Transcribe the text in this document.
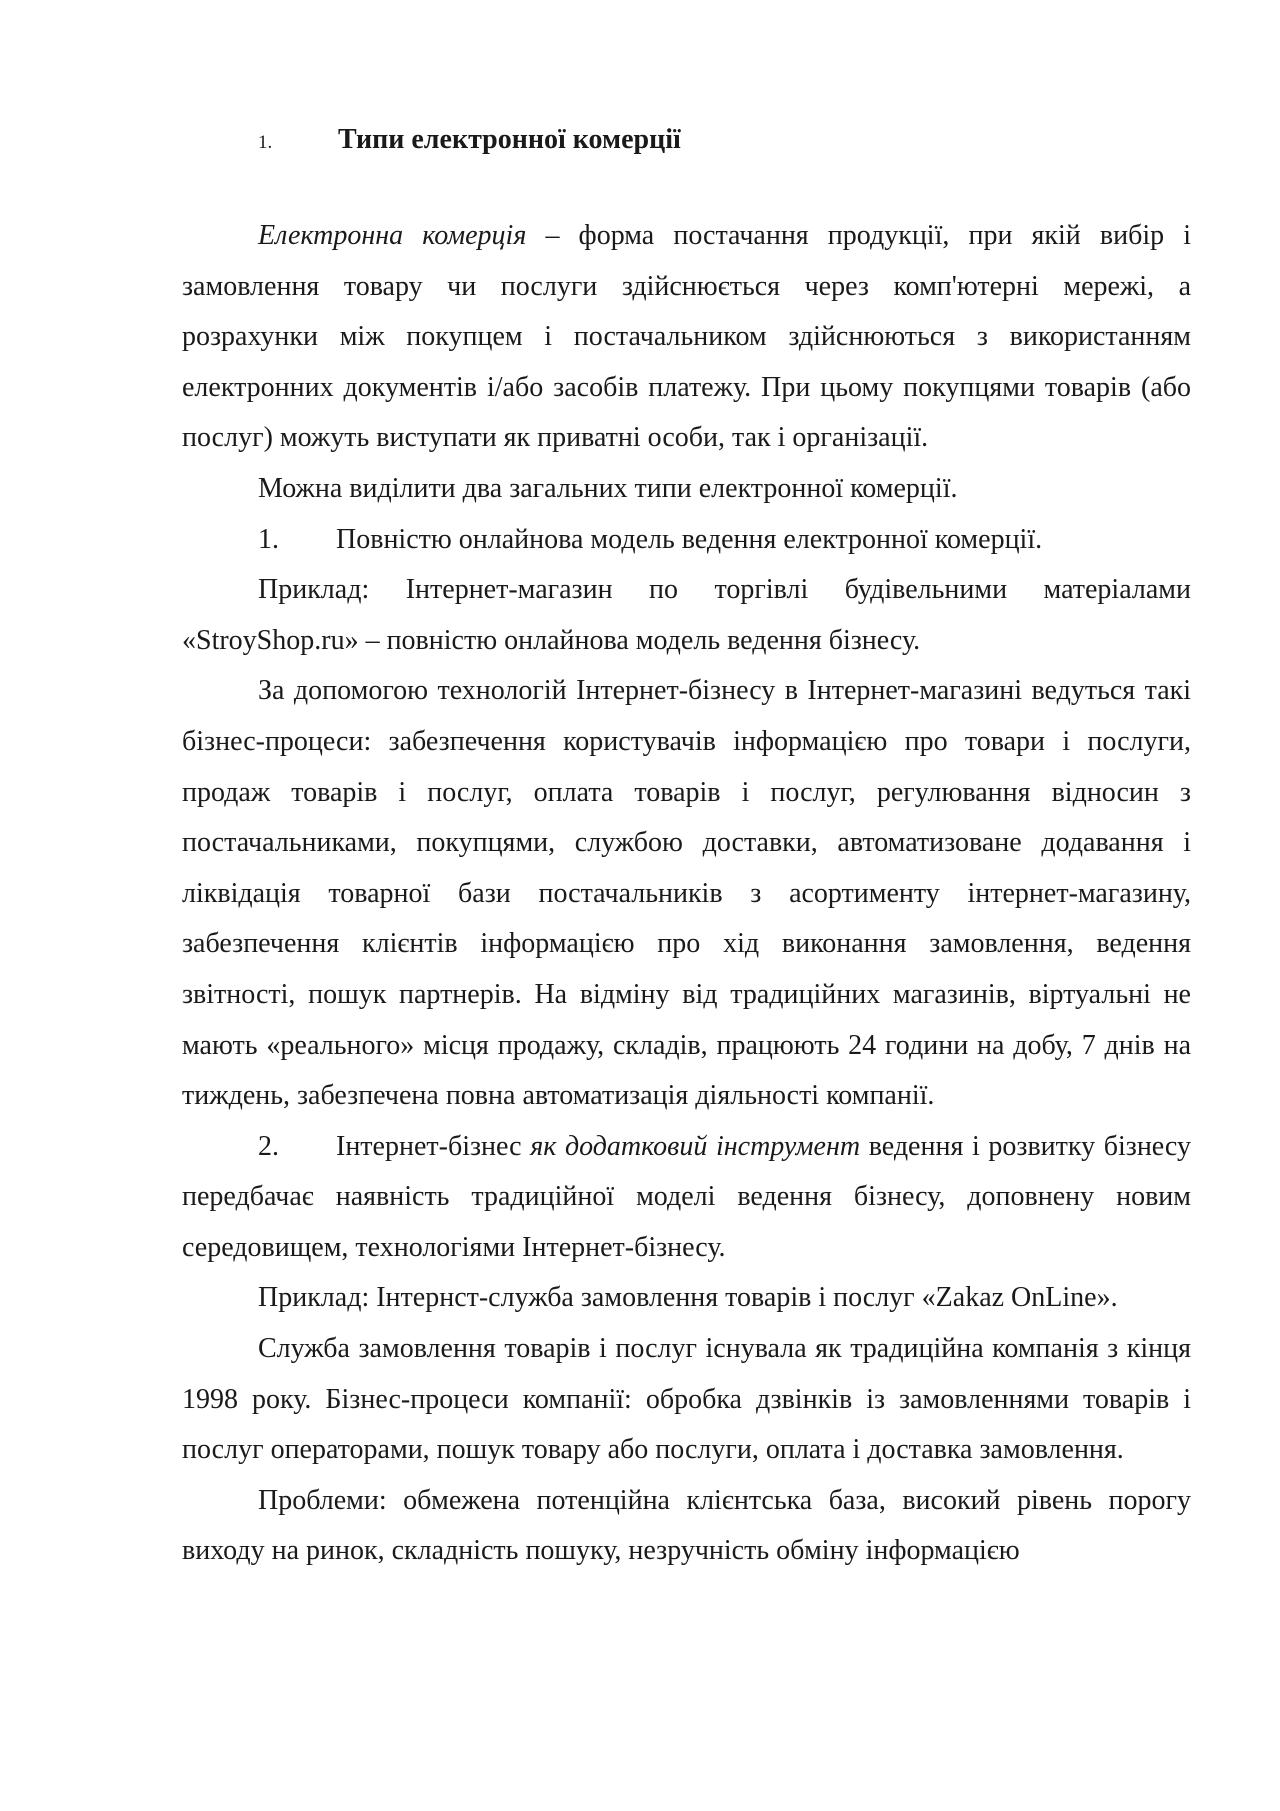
1.	Типи електронної комерції

Електронна комерція – форма постачання продукції, при якій вибір і замовлення товару чи послуги здійснюється через комп'ютерні мережі, а розрахунки між покупцем і постачальником здійснюються з використанням електронних документів і/або засобів платежу. При цьому покупцями товарів (або послуг) можуть виступати як приватні особи, так і організації.

Можна виділити два загальних типи електронної комерції.

1. Повністю онлайнова модель ведення електронної комерції.

Приклад: Інтернет-магазин по торгівлі будівельними матеріалами «StroyShop.ru» – повністю онлайнова модель ведення бізнесу.

За допомогою технологій Інтернет-бізнесу в Інтернет-магазині ведуться такі бізнес-процеси: забезпечення користувачів інформацією про товари і послуги, продаж товарів і послуг, оплата товарів і послуг, регулювання відносин з постачальниками, покупцями, службою доставки, автоматизоване додавання і ліквідація товарної бази постачальників з асортименту інтернет-магазину, забезпечення клієнтів інформацією про хід виконання замовлення, ведення звітності, пошук партнерів. На відміну від традиційних магазинів, віртуальні не мають «реального» місця продажу, складів, працюють 24 години на добу, 7 днів на тиждень, забезпечена повна автоматизація діяльності компанії.

2. Інтернет-бізнес як додатковий інструмент ведення і розвитку бізнесу передбачає наявність традиційної моделі ведення бізнесу, доповнену новим середовищем, технологіями Інтернет-бізнесу.

Приклад: Інтернст-служба замовлення товарів і послуг «Zakaz OnLine».

Служба замовлення товарів і послуг існувала як традиційна компанія з кінця 1998 року. Бізнес-процеси компанії: обробка дзвінків із замовленнями товарів і послуг операторами, пошук товару або послуги, оплата і доставка замовлення.

Проблеми: обмежена потенційна клієнтська база, високий рівень порогу виходу на ринок, складність пошуку, незручність обміну інформацією
